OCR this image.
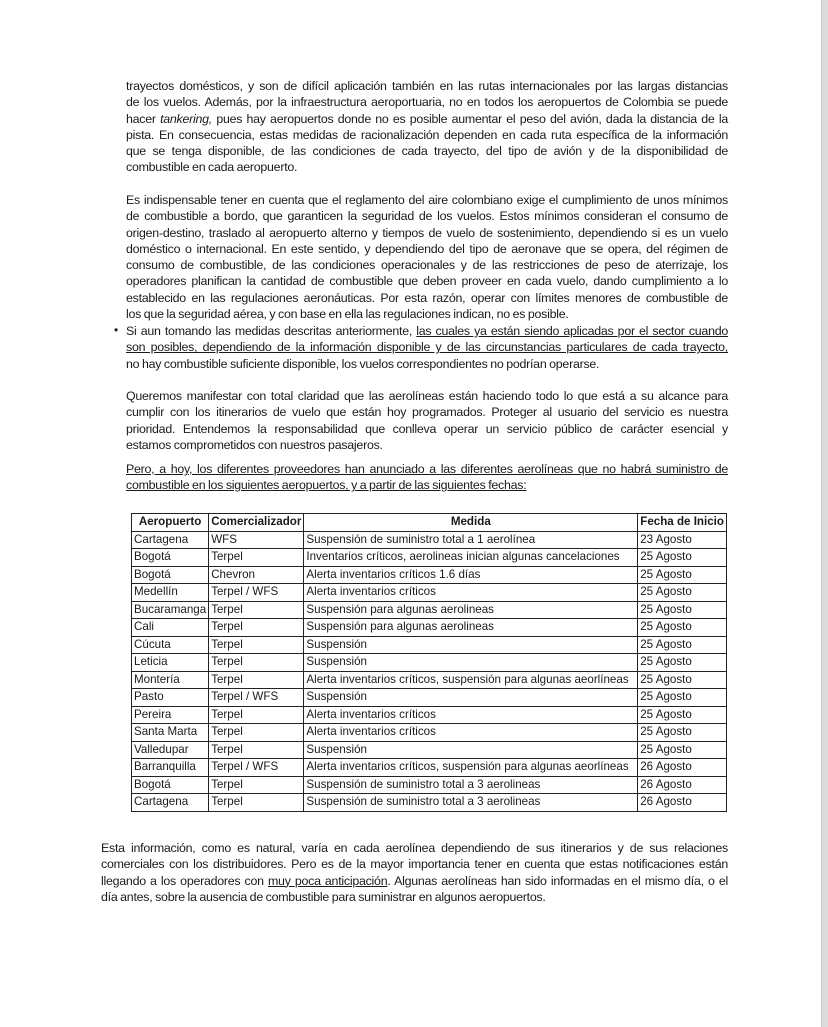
trayectos domésticos, y son de difícil aplicación también en las rutas internacionales por las largas distancias
de los vuelos. Además, por la infraestructura aeroportuaria, no en todos los aeropuertos de Colombia se puede
hacer tankering, pues hay aeropuertos donde no es posible aumentar el peso del avión, dada la distancia de la
pista. En consecuencia, estas medidas de racionalización dependen en cada ruta específica de la información
que se tenga disponible, de las condiciones de cada trayecto, del tipo de avión y de la disponibilidad de
combustible en cada aeropuerto.
Es indispensable tener en cuenta que el reglamento del aire colombiano exige el cumplimiento de unos mínimos
de combustible a bordo, que garanticen la seguridad de los vuelos. Estos mínimos consideran el consumo de
origen-destino, traslado al aeropuerto alterno y tiempos de vuelo de sostenimiento, dependiendo si es un vuelo
doméstico o internacional. En este sentido, y dependiendo del tipo de aeronave que se opera, del régimen de
consumo de combustible, de las condiciones operacionales y de las restricciones de peso de aterrizaje, los
operadores planifican la cantidad de combustible que deben proveer en cada vuelo, dando cumplimiento a lo
establecido en las regulaciones aeronáuticas. Por esta razón, operar con límites menores de combustible de
los que la seguridad aérea, y con base en ella las regulaciones indican, no es posible.
• Si aun tomando las medidas descritas anteriormente, las cuales ya están siendo aplicadas por el sector cuando
son posibles, dependiendo de la información disponible y de las circunstancias particulares de cada trayecto,
no hay combustible suficiente disponible, los vuelos correspondientes no podrían operarse.
Queremos manifestar con total claridad que las aerolíneas están haciendo todo lo que está a su alcance para
cumplir con los itinerarios de vuelo que están hoy programados. Proteger al usuario del servicio es nuestra
prioridad. Entendemos la responsabilidad que conlleva operar un servicio público de carácter esencial y
estamos comprometidos con nuestros pasajeros.
Pero, a hoy, los diferentes proveedores han anunciado a las diferentes aerolíneas que no habrá suministro de
combustible en los siguientes aeropuertos, y a partir de las siguientes fechas:
Aeropuerto	Comercializador	Medida	Fecha de Inicio
Cartagena	WFS	Suspensión de suministro total a 1 aerolínea	23 Agosto
Bogotá	Terpel	Inventarios críticos, aerolineas inician algunas cancelaciones	25 Agosto
Bogotá	Chevron	Alerta inventarios críticos 1.6 días	25 Agosto
Medellín	Terpel / WFS	Alerta inventarios críticos	25 Agosto
Bucaramanga	Terpel	Suspensión para algunas aerolineas	25 Agosto
Cali	Terpel	Suspensión para algunas aerolineas	25 Agosto
Cúcuta	Terpel	Suspensión	25 Agosto
Leticia	Terpel	Suspensión	25 Agosto
Montería	Terpel	Alerta inventarios críticos, suspensión para algunas aeorlíneas	25 Agosto
Pasto	Terpel / WFS	Suspensión	25 Agosto
Pereira	Terpel	Alerta inventarios críticos	25 Agosto
Santa Marta	Terpel	Alerta inventarios críticos	25 Agosto
Valledupar	Terpel	Suspensión	25 Agosto
Barranquilla	Terpel / WFS	Alerta inventarios críticos, suspensión para algunas aeorlíneas	26 Agosto
Bogotá	Terpel	Suspensión de suministro total a 3 aerolineas	26 Agosto
Cartagena	Terpel	Suspensión de suministro total a 3 aerolineas	26 Agosto
Esta información, como es natural, varía en cada aerolínea dependiendo de sus itinerarios y de sus relaciones
comerciales con los distribuidores. Pero es de la mayor importancia tener en cuenta que estas notificaciones están
llegando a los operadores con muy poca anticipación. Algunas aerolíneas han sido informadas en el mismo día, o el
día antes, sobre la ausencia de combustible para suministrar en algunos aeropuertos.
